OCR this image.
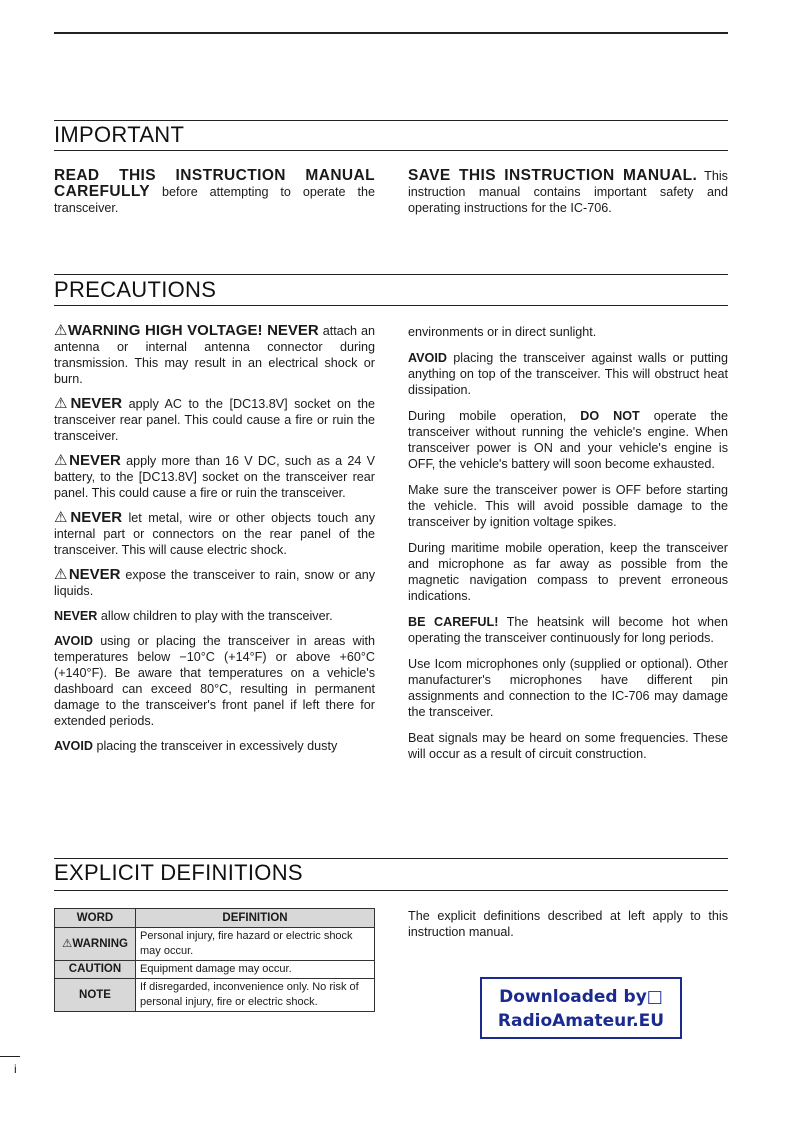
IMPORTANT

READ THIS INSTRUCTION MANUAL CAREFULLY before attempting to operate the transceiver.

SAVE THIS INSTRUCTION MANUAL. This instruction manual contains important safety and operating instructions for the IC-706.

PRECAUTIONS

⚠WARNING HIGH VOLTAGE! NEVER attach an antenna or internal antenna connector during transmission. This may result in an electrical shock or burn.

⚠NEVER apply AC to the [DC13.8V] socket on the transceiver rear panel. This could cause a fire or ruin the transceiver.

⚠NEVER apply more than 16 V DC, such as a 24 V battery, to the [DC13.8V] socket on the transceiver rear panel. This could cause a fire or ruin the transceiver.

⚠NEVER let metal, wire or other objects touch any internal part or connectors on the rear panel of the transceiver. This will cause electric shock.

⚠NEVER expose the transceiver to rain, snow or any liquids.

NEVER allow children to play with the transceiver.

AVOID using or placing the transceiver in areas with temperatures below −10°C (+14°F) or above +60°C (+140°F). Be aware that temperatures on a vehicle's dashboard can exceed 80°C, resulting in permanent damage to the transceiver's front panel if left there for extended periods.

AVOID placing the transceiver in excessively dusty

environments or in direct sunlight.

AVOID placing the transceiver against walls or putting anything on top of the transceiver. This will obstruct heat dissipation.

During mobile operation, DO NOT operate the transceiver without running the vehicle's engine. When transceiver power is ON and your vehicle's engine is OFF, the vehicle's battery will soon become exhausted.

Make sure the transceiver power is OFF before starting the vehicle. This will avoid possible damage to the transceiver by ignition voltage spikes.

During maritime mobile operation, keep the transceiver and microphone as far away as possible from the magnetic navigation compass to prevent erroneous indications.

BE CAREFUL! The heatsink will become hot when operating the transceiver continuously for long periods.

Use Icom microphones only (supplied or optional). Other manufacturer's microphones have different pin assignments and connection to the IC-706 may damage the transceiver.

Beat signals may be heard on some frequencies. These will occur as a result of circuit construction.

EXPLICIT DEFINITIONS
WORD	DEFINITION
⚠WARNING	Personal injury, fire hazard or electric shock may occur.
CAUTION	Equipment damage may occur.
NOTE	If disregarded, inconvenience only. No risk of personal injury, fire or electric shock.

The explicit definitions described at left apply to this instruction manual.

Downloaded by□
RadioAmateur.EU
i
